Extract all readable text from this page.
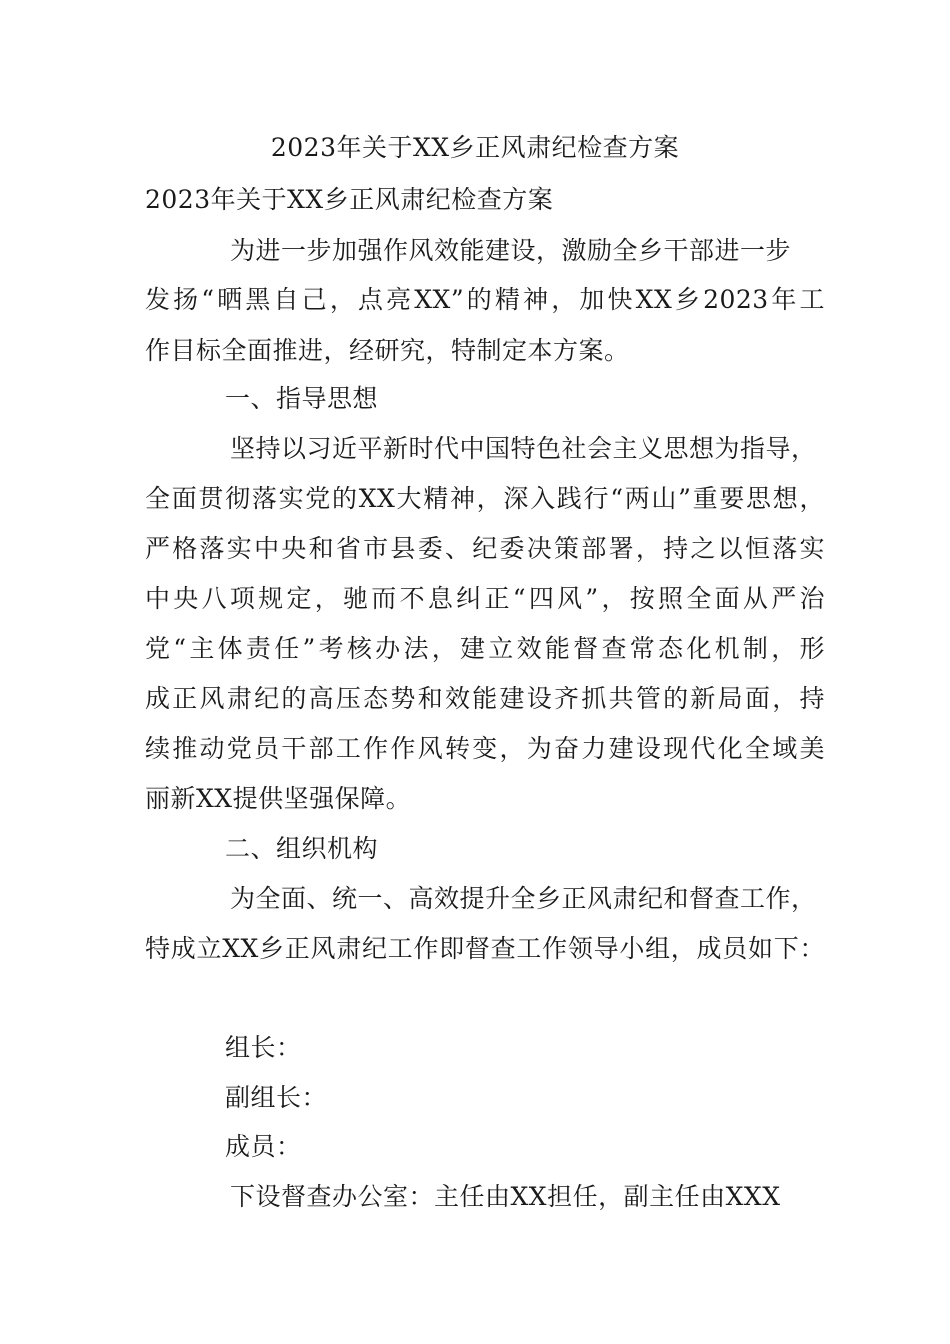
2023年关于XX乡正风肃纪检查方案
2023年关于XX乡正风肃纪检查方案
为进一步加强作风效能建设，激励全乡干部进一步
发扬“晒黑自己，点亮XX”的精神，加快XX乡2023年工
作目标全面推进，经研究，特制定本方案。
一、指导思想
坚持以习近平新时代中国特色社会主义思想为指导，
全面贯彻落实党的XX大精神，深入践行“两山”重要思想，
严格落实中央和省市县委、纪委决策部署，持之以恒落实
中央八项规定，驰而不息纠正“四风”，按照全面从严治
党“主体责任”考核办法，建立效能督查常态化机制，形
成正风肃纪的高压态势和效能建设齐抓共管的新局面，持
续推动党员干部工作作风转变，为奋力建设现代化全域美
丽新XX提供坚强保障。
二、组织机构
为全面、统一、高效提升全乡正风肃纪和督查工作，
特成立XX乡正风肃纪工作即督查工作领导小组，成员如下：
组长：
副组长：
成员：
下设督查办公室：主任由XX担任，副主任由XXX
